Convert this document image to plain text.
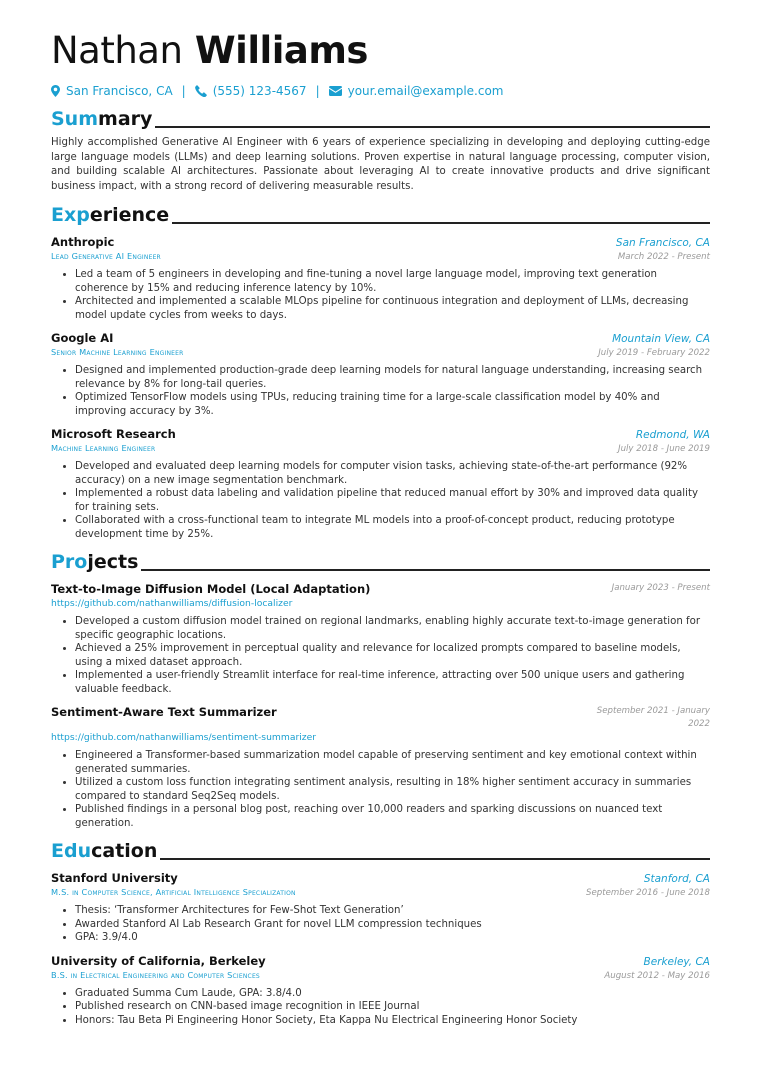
Nathan Williams
San Francisco, CA | (555) 123-4567 | your.email@example.com
Summary
Highly accomplished Generative AI Engineer with 6 years of experience specializing in developing and deploying cutting-edge large language models (LLMs) and deep learning solutions. Proven expertise in natural language processing, computer vision, and building scalable AI architectures. Passionate about leveraging AI to create innovative products and drive significant business impact, with a strong record of delivering measurable results.
Experience
Anthropic	San Francisco, CA
Lead Generative AI Engineer	March 2022 - Present
• Led a team of 5 engineers in developing and fine-tuning a novel large language model, improving text generation coherence by 15% and reducing inference latency by 10%.
• Architected and implemented a scalable MLOps pipeline for continuous integration and deployment of LLMs, decreasing model update cycles from weeks to days.
Google AI	Mountain View, CA
Senior Machine Learning Engineer	July 2019 - February 2022
• Designed and implemented production-grade deep learning models for natural language understanding, increasing search relevance by 8% for long-tail queries.
• Optimized TensorFlow models using TPUs, reducing training time for a large-scale classification model by 40% and improving accuracy by 3%.
Microsoft Research	Redmond, WA
Machine Learning Engineer	July 2018 - June 2019
• Developed and evaluated deep learning models for computer vision tasks, achieving state-of-the-art performance (92% accuracy) on a new image segmentation benchmark.
• Implemented a robust data labeling and validation pipeline that reduced manual effort by 30% and improved data quality for training sets.
• Collaborated with a cross-functional team to integrate ML models into a proof-of-concept product, reducing prototype development time by 25%.
Projects
Text-to-Image Diffusion Model (Local Adaptation)	January 2023 - Present
https://github.com/nathanwilliams/diffusion-localizer
• Developed a custom diffusion model trained on regional landmarks, enabling highly accurate text-to-image generation for specific geographic locations.
• Achieved a 25% improvement in perceptual quality and relevance for localized prompts compared to baseline models, using a mixed dataset approach.
• Implemented a user-friendly Streamlit interface for real-time inference, attracting over 500 unique users and gathering valuable feedback.
Sentiment-Aware Text Summarizer	September 2021 - January 2022
https://github.com/nathanwilliams/sentiment-summarizer
• Engineered a Transformer-based summarization model capable of preserving sentiment and key emotional context within generated summaries.
• Utilized a custom loss function integrating sentiment analysis, resulting in 18% higher sentiment accuracy in summaries compared to standard Seq2Seq models.
• Published findings in a personal blog post, reaching over 10,000 readers and sparking discussions on nuanced text generation.
Education
Stanford University	Stanford, CA
M.S. in Computer Science, Artificial Intelligence Specialization	September 2016 - June 2018
• Thesis: ‘Transformer Architectures for Few-Shot Text Generation’
• Awarded Stanford AI Lab Research Grant for novel LLM compression techniques
• GPA: 3.9/4.0
University of California, Berkeley	Berkeley, CA
B.S. in Electrical Engineering and Computer Sciences	August 2012 - May 2016
• Graduated Summa Cum Laude, GPA: 3.8/4.0
• Published research on CNN-based image recognition in IEEE Journal
• Honors: Tau Beta Pi Engineering Honor Society, Eta Kappa Nu Electrical Engineering Honor Society
